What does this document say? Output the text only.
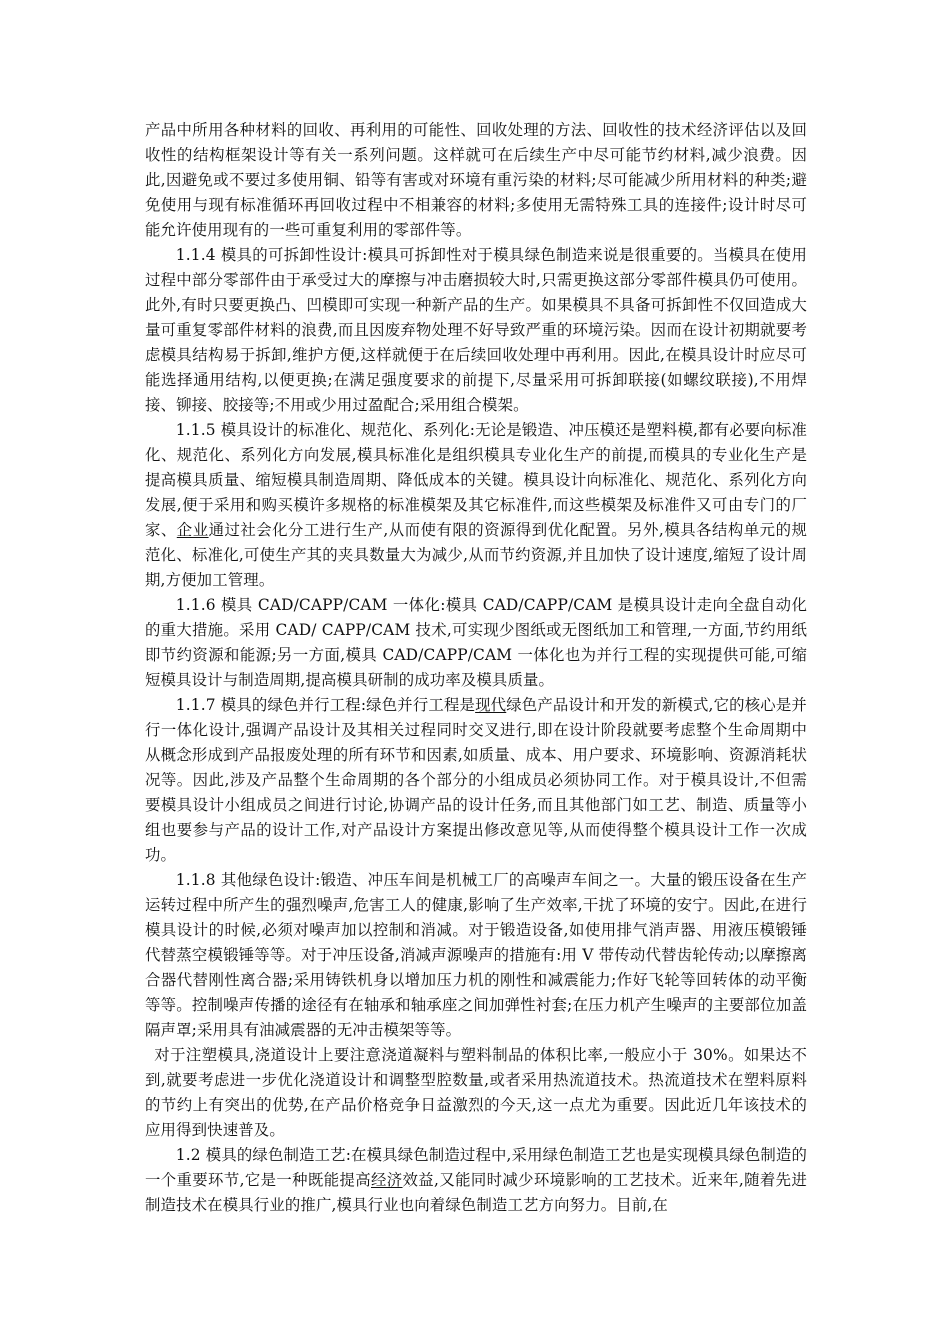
产品中所用各种材料的回收、再利用的可能性、回收处理的方法、回收性的技术经济评估以及回收性的结构框架设计等有关一系列问题。这样就可在后续生产中尽可能节约材料,减少浪费。因此,因避免或不要过多使用铜、铅等有害或对环境有重污染的材料;尽可能减少所用材料的种类;避免使用与现有标准循环再回收过程中不相兼容的材料;多使用无需特殊工具的连接件;设计时尽可能允许使用现有的一些可重复利用的零部件等。

1.1.4 模具的可拆卸性设计:模具可拆卸性对于模具绿色制造来说是很重要的。当模具在使用过程中部分零部件由于承受过大的摩擦与冲击磨损较大时,只需更换这部分零部件模具仍可使用。此外,有时只要更换凸、凹模即可实现一种新产品的生产。如果模具不具备可拆卸性不仅回造成大量可重复零部件材料的浪费,而且因废弃物处理不好导致严重的环境污染。因而在设计初期就要考虑模具结构易于拆卸,维护方便,这样就便于在后续回收处理中再利用。因此,在模具设计时应尽可能选择通用结构,以便更换;在满足强度要求的前提下,尽量采用可拆卸联接(如螺纹联接),不用焊接、铆接、胶接等;不用或少用过盈配合;采用组合模架。

1.1.5 模具设计的标准化、规范化、系列化:无论是锻造、冲压模还是塑料模,都有必要向标准化、规范化、系列化方向发展,模具标准化是组织模具专业化生产的前提,而模具的专业化生产是提高模具质量、缩短模具制造周期、降低成本的关键。模具设计向标准化、规范化、系列化方向发展,便于采用和购买模许多规格的标准模架及其它标准件,而这些模架及标准件又可由专门的厂家、企业通过社会化分工进行生产,从而使有限的资源得到优化配置。另外,模具各结构单元的规范化、标准化,可使生产其的夹具数量大为减少,从而节约资源,并且加快了设计速度,缩短了设计周期,方便加工管理。

1.1.6 模具 CAD/CAPP/CAM 一体化:模具 CAD/CAPP/CAM 是模具设计走向全盘自动化的重大措施。采用 CAD/ CAPP/CAM 技术,可实现少图纸或无图纸加工和管理,一方面,节约用纸即节约资源和能源;另一方面,模具 CAD/CAPP/CAM 一体化也为并行工程的实现提供可能,可缩短模具设计与制造周期,提高模具研制的成功率及模具质量。

1.1.7 模具的绿色并行工程:绿色并行工程是现代绿色产品设计和开发的新模式,它的核心是并行一体化设计,强调产品设计及其相关过程同时交叉进行,即在设计阶段就要考虑整个生命周期中从概念形成到产品报废处理的所有环节和因素,如质量、成本、用户要求、环境影响、资源消耗状况等。因此,涉及产品整个生命周期的各个部分的小组成员必须协同工作。对于模具设计,不但需要模具设计小组成员之间进行讨论,协调产品的设计任务,而且其他部门如工艺、制造、质量等小组也要参与产品的设计工作,对产品设计方案提出修改意见等,从而使得整个模具设计工作一次成功。

1.1.8 其他绿色设计:锻造、冲压车间是机械工厂的高噪声车间之一。大量的锻压设备在生产运转过程中所产生的强烈噪声,危害工人的健康,影响了生产效率,干扰了环境的安宁。因此,在进行模具设计的时候,必须对噪声加以控制和消减。对于锻造设备,如使用排气消声器、用液压模锻锤代替蒸空模锻锤等等。对于冲压设备,消减声源噪声的措施有:用 V 带传动代替齿轮传动;以摩擦离合器代替刚性离合器;采用铸铁机身以增加压力机的刚性和减震能力;作好飞轮等回转体的动平衡等等。控制噪声传播的途径有在轴承和轴承座之间加弹性衬套;在压力机产生噪声的主要部位加盖隔声罩;采用具有油减震器的无冲击模架等等。

对于注塑模具,浇道设计上要注意浇道凝料与塑料制品的体积比率,一般应小于 30%。如果达不到,就要考虑进一步优化浇道设计和调整型腔数量,或者采用热流道技术。热流道技术在塑料原料的节约上有突出的优势,在产品价格竞争日益激烈的今天,这一点尤为重要。因此近几年该技术的应用得到快速普及。

1.2 模具的绿色制造工艺:在模具绿色制造过程中,采用绿色制造工艺也是实现模具绿色制造的一个重要环节,它是一种既能提高经济效益,又能同时减少环境影响的工艺技术。近来年,随着先进制造技术在模具行业的推广,模具行业也向着绿色制造工艺方向努力。目前,在
